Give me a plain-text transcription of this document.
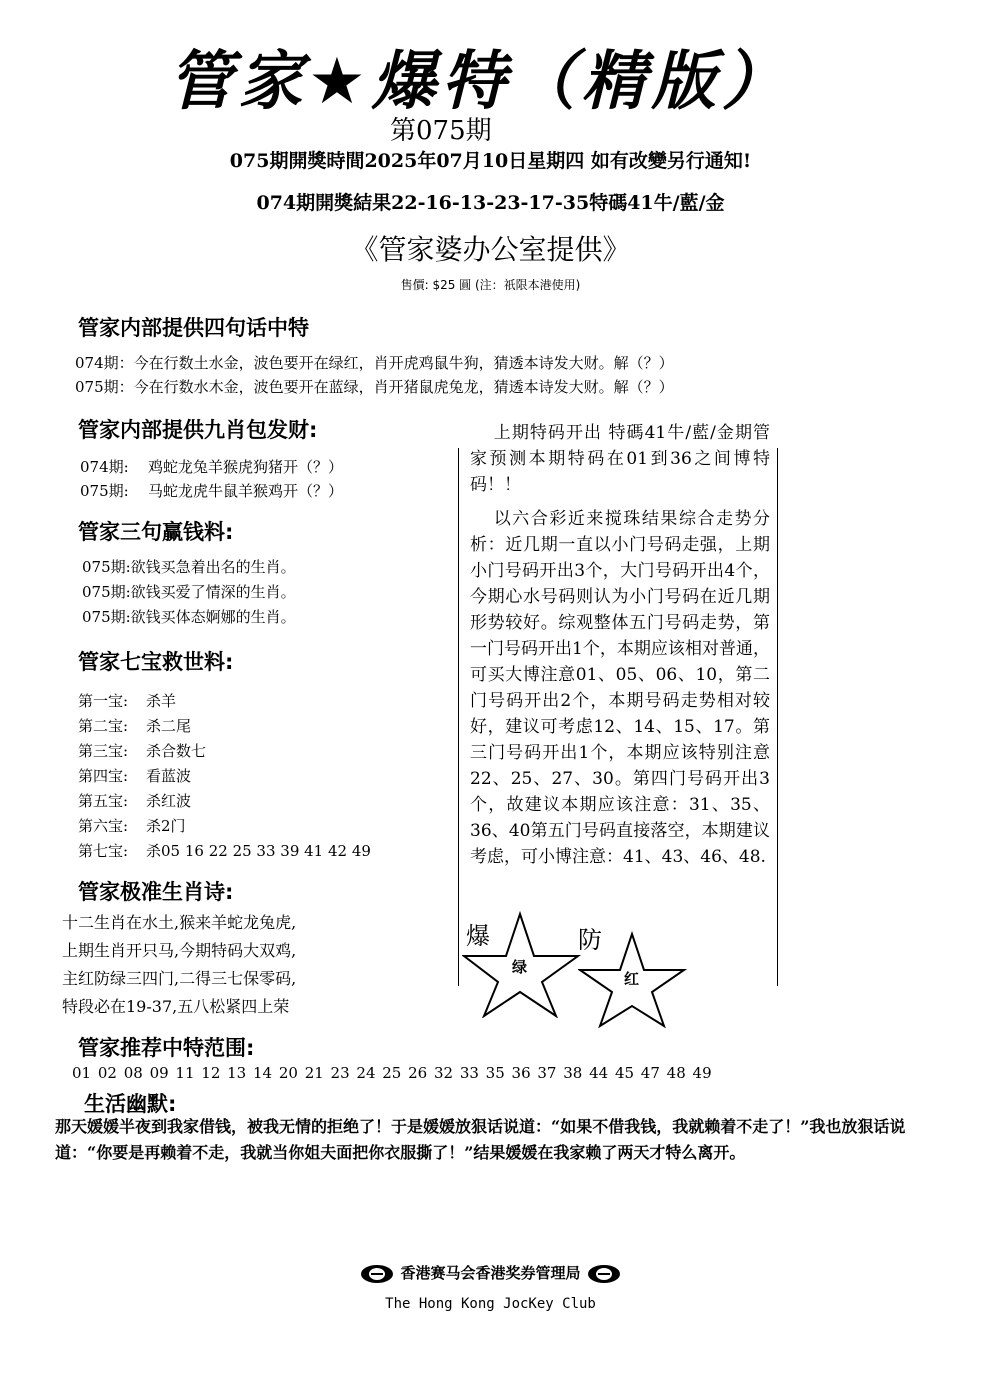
管家★爆特（精版）
第075期
075期開獎時間2025年07月10日星期四 如有改變另行通知!
074期開獎結果22-16-13-23-17-35特碼41牛/藍/金
《管家婆办公室提供》
售價: $25 圓 (注：祇限本港使用)
管家内部提供四句话中特
074期：今在行数土水金，波色要开在绿红，肖开虎鸡鼠牛狗，猜透本诗发大财。解（？）
075期：今在行数水木金，波色要开在蓝绿，肖开猪鼠虎兔龙，猜透本诗发大财。解（？）
管家内部提供九肖包发财:
074期: 鸡蛇龙兔羊猴虎狗猪开（？）
075期: 马蛇龙虎牛鼠羊猴鸡开（？）
管家三句赢钱料:
075期:欲钱买急着出名的生肖。
075期:欲钱买爱了情深的生肖。
075期:欲钱买体态婀娜的生肖。
管家七宝救世料:
第一宝: 杀羊
第二宝: 杀二尾
第三宝: 杀合数七
第四宝: 看蓝波
第五宝: 杀红波
第六宝: 杀2门
第七宝: 杀05 16 22 25 33 39 41 42 49
管家极准生肖诗:
十二生肖在水土,猴来羊蛇龙兔虎,
上期生肖开只马,今期特码大双鸡,
主红防绿三四门,二得三七保零码,
特段必在19-37,五八松紧四上荣
管家推荐中特范围:
01 02 08 09 11 12 13 14 20 21 23 24 25 26 32 33 35 36 37 38 44 45 47 48 49

上期特码开出 特碼41牛/藍/金期管家预测本期特码在01到36之间博特码！！

以六合彩近来搅珠结果综合走势分析：近几期一直以小门号码走强，上期小门号码开出3个，大门号码开出4个，今期心水号码则认为小门号码在近几期形势较好。综观整体五门号码走势，第一门号码开出1个，本期应该相对普通，可买大博注意01、05、06、10，第二门号码开出2个，本期号码走势相对较好，建议可考虑12、14、15、17。第三门号码开出1个，本期应该特别注意22、25、27、30。第四门号码开出3个，故建议本期应该注意：31、35、36、40第五门号码直接落空，本期建议考虑，可小博注意：41、43、46、48.

爆
绿
防
红
生活幽默:
那天媛媛半夜到我家借钱，被我无情的拒绝了！于是媛媛放狠话说道：“如果不借我钱，我就赖着不走了！”我也放狠话说道：“你要是再赖着不走，我就当你姐夫面把你衣服撕了！”结果媛媛在我家赖了两天才特么离开。
香港赛马会香港奖券管理局
The Hong Kong JocKey Club
